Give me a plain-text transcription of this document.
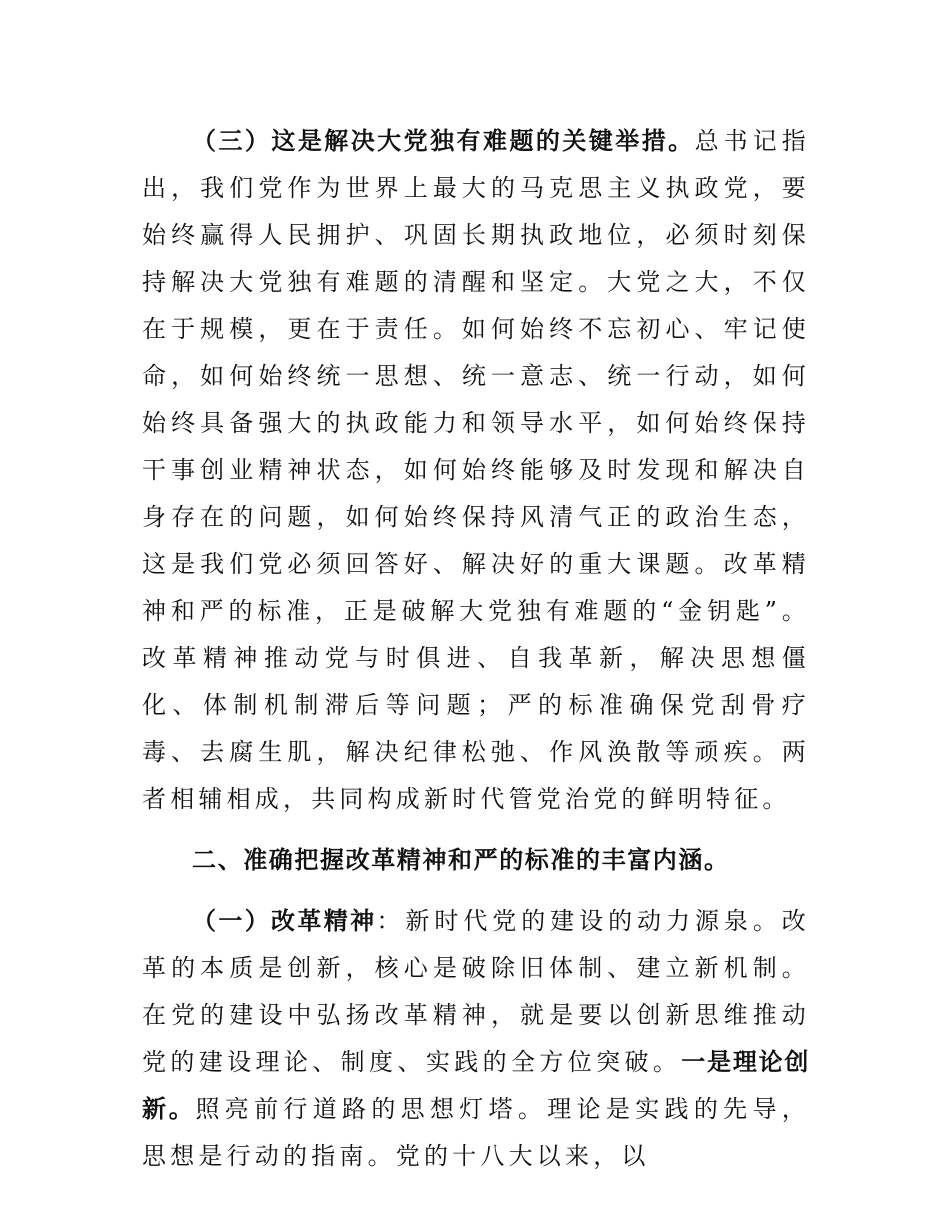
（三）这是解决大党独有难题的关键举措。总书记指出，我们党作为世界上最大的马克思主义执政党，要始终赢得人民拥护、巩固长期执政地位，必须时刻保持解决大党独有难题的清醒和坚定。大党之大，不仅在于规模，更在于责任。如何始终不忘初心、牢记使命，如何始终统一思想、统一意志、统一行动，如何始终具备强大的执政能力和领导水平，如何始终保持干事创业精神状态，如何始终能够及时发现和解决自身存在的问题，如何始终保持风清气正的政治生态，这是我们党必须回答好、解决好的重大课题。改革精神和严的标准，正是破解大党独有难题的“金钥匙”。改革精神推动党与时俱进、自我革新，解决思想僵化、体制机制滞后等问题；严的标准确保党刮骨疗毒、去腐生肌，解决纪律松弛、作风涣散等顽疾。两者相辅相成，共同构成新时代管党治党的鲜明特征。

二、准确把握改革精神和严的标准的丰富内涵。

（一）改革精神：新时代党的建设的动力源泉。改革的本质是创新，核心是破除旧体制、建立新机制。在党的建设中弘扬改革精神，就是要以创新思维推动党的建设理论、制度、实践的全方位突破。一是理论创新。照亮前行道路的思想灯塔。理论是实践的先导，思想是行动的指南。党的十八大以来，以
